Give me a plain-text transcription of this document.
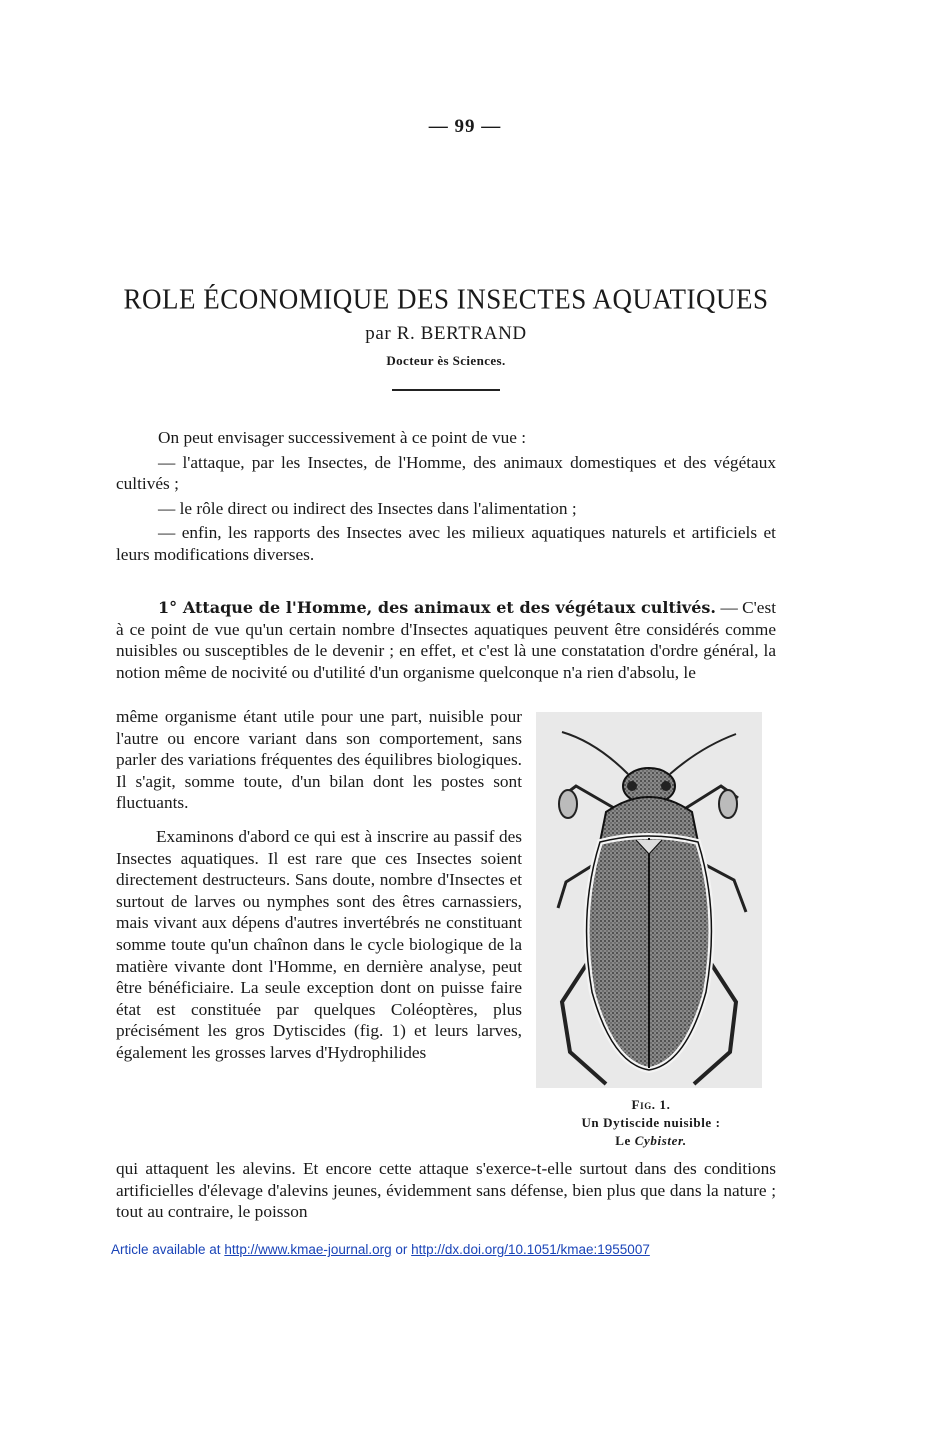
— 99 —
ROLE ÉCONOMIQUE DES INSECTES AQUATIQUES
par R. BERTRAND
Docteur ès Sciences.

On peut envisager successivement à ce point de vue :

— l'attaque, par les Insectes, de l'Homme, des animaux domestiques et des végétaux cultivés ;

— le rôle direct ou indirect des Insectes dans l'alimentation ;

— enfin, les rapports des Insectes avec les milieux aquatiques naturels et artificiels et leurs modifications diverses.

1° Attaque de l'Homme, des animaux et des végétaux cultivés. — C'est à ce point de vue qu'un certain nombre d'Insectes aquatiques peuvent être considérés comme nuisibles ou susceptibles de le devenir ; en effet, et c'est là une constatation d'ordre général, la notion même de nocivité ou d'utilité d'un organisme quelconque n'a rien d'absolu, le

même organisme étant utile pour une part, nuisible pour l'autre ou encore variant dans son comportement, sans parler des variations fréquentes des équilibres biologiques. Il s'agit, somme toute, d'un bilan dont les postes sont fluctuants.

Examinons d'abord ce qui est à inscrire au passif des Insectes aquatiques. Il est rare que ces Insectes soient directement destructeurs. Sans doute, nombre d'Insectes et surtout de larves ou nymphes sont des êtres carnassiers, mais vivant aux dépens d'autres invertébrés ne constituant somme toute qu'un chaînon dans le cycle biologique de la matière vivante dont l'Homme, en dernière analyse, peut être bénéficiaire. La seule exception dont on puisse faire état est constituée par quelques Coléoptères, plus précisément les gros Dytiscides (fig. 1) et leurs larves, également les grosses larves d'Hydrophilides

Fig. 1.
Un Dytiscide nuisible :
Le Cybister.

qui attaquent les alevins. Et encore cette attaque s'exerce-t-elle surtout dans des conditions artificielles d'élevage d'alevins jeunes, évidemment sans défense, bien plus que dans la nature ; tout au contraire, le poisson

Article available at http://www.kmae-journal.org or http://dx.doi.org/10.1051/kmae:1955007
